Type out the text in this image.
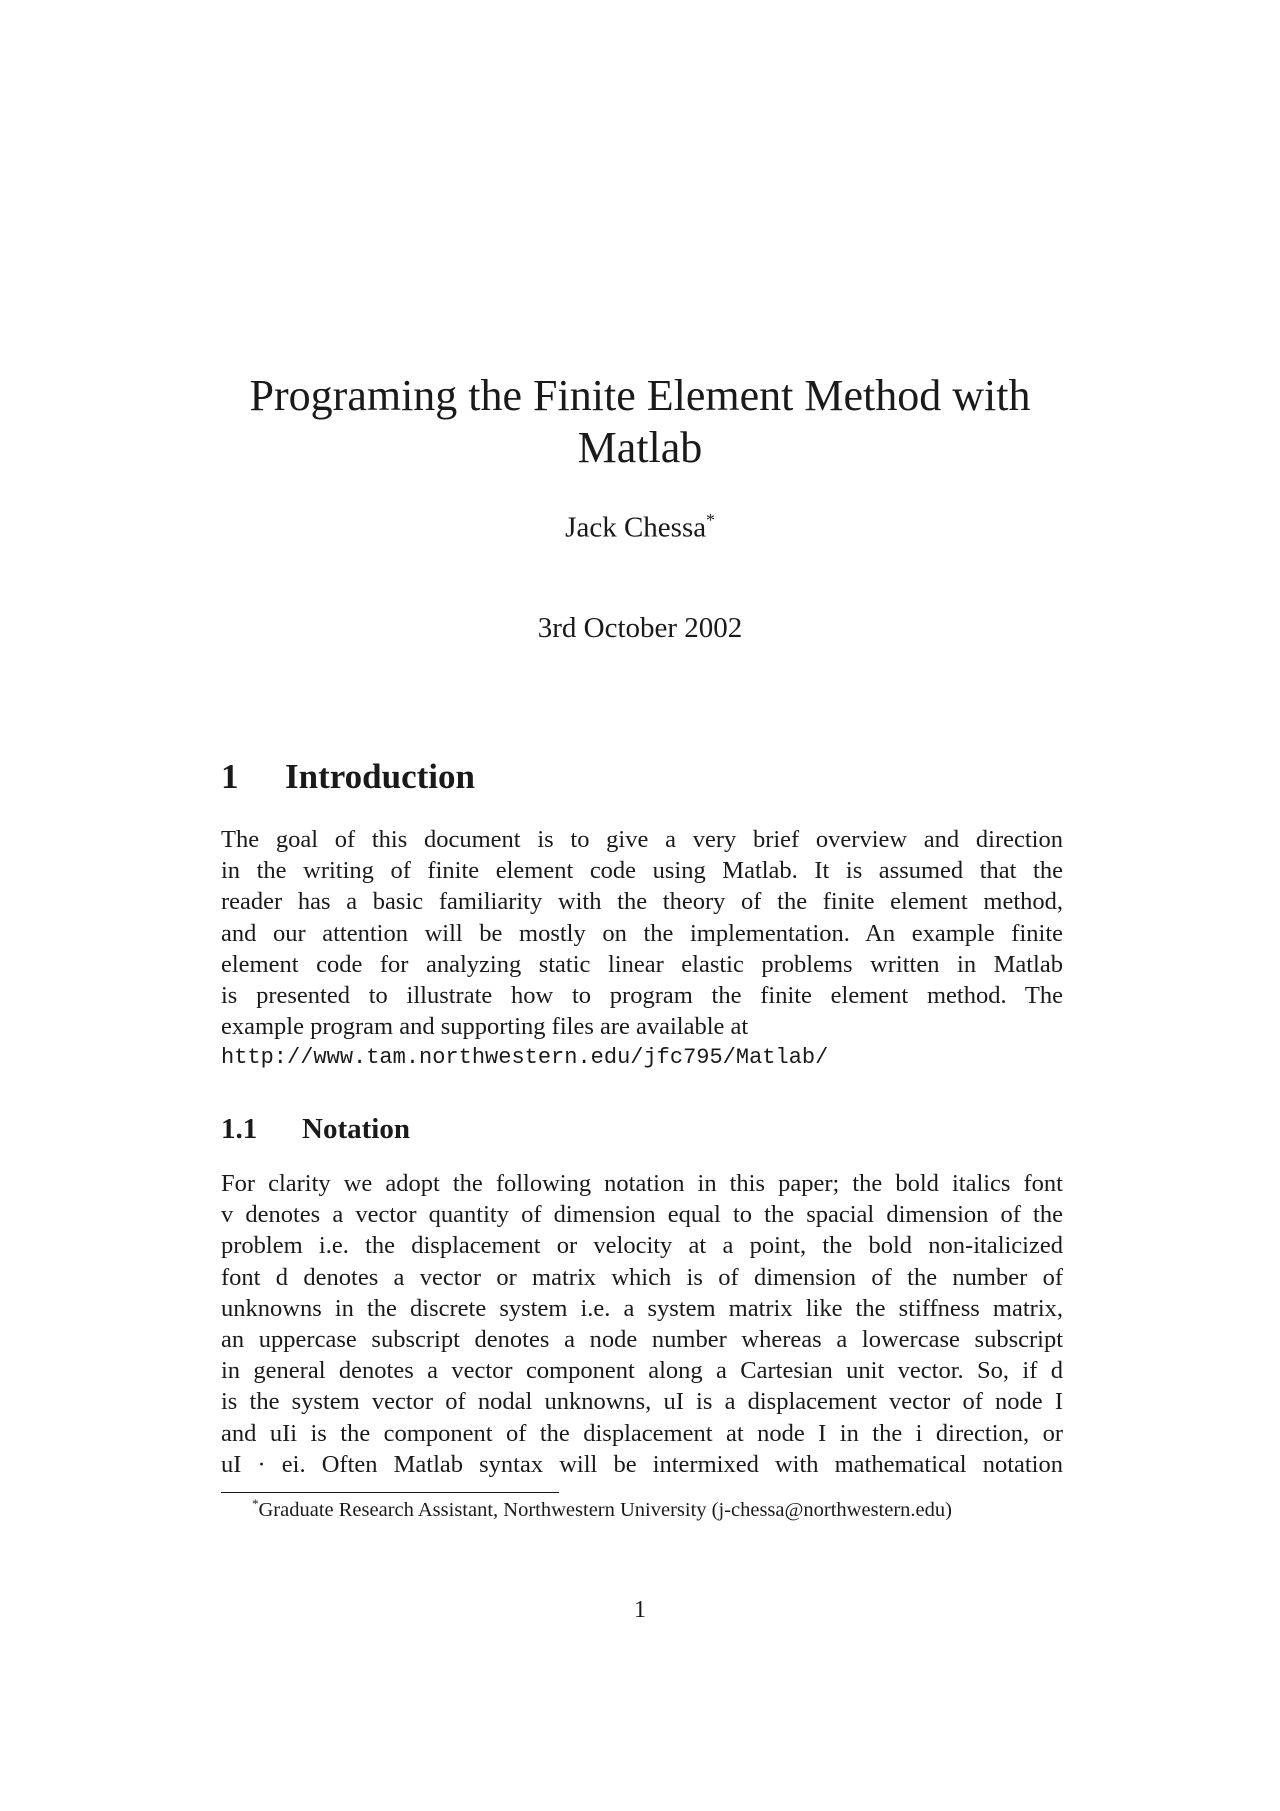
Programing the Finite Element Method with
Matlab
Jack Chessa*
3rd October 2002
1 Introduction
The goal of this document is to give a very brief overview and direction
in the writing of finite element code using Matlab. It is assumed that the
reader has a basic familiarity with the theory of the finite element method,
and our attention will be mostly on the implementation. An example finite
element code for analyzing static linear elastic problems written in Matlab
is presented to illustrate how to program the finite element method. The
example program and supporting files are available at
http://www.tam.northwestern.edu/jfc795/Matlab/
1.1 Notation
For clarity we adopt the following notation in this paper; the bold italics font
v denotes a vector quantity of dimension equal to the spacial dimension of the
problem i.e. the displacement or velocity at a point, the bold non-italicized
font d denotes a vector or matrix which is of dimension of the number of
unknowns in the discrete system i.e. a system matrix like the stiffness matrix,
an uppercase subscript denotes a node number whereas a lowercase subscript
in general denotes a vector component along a Cartesian unit vector. So, if d
is the system vector of nodal unknowns, uI is a displacement vector of node I
and uIi is the component of the displacement at node I in the i direction, or
uI · ei. Often Matlab syntax will be intermixed with mathematical notation
*Graduate Research Assistant, Northwestern University (j-chessa@northwestern.edu)
1
